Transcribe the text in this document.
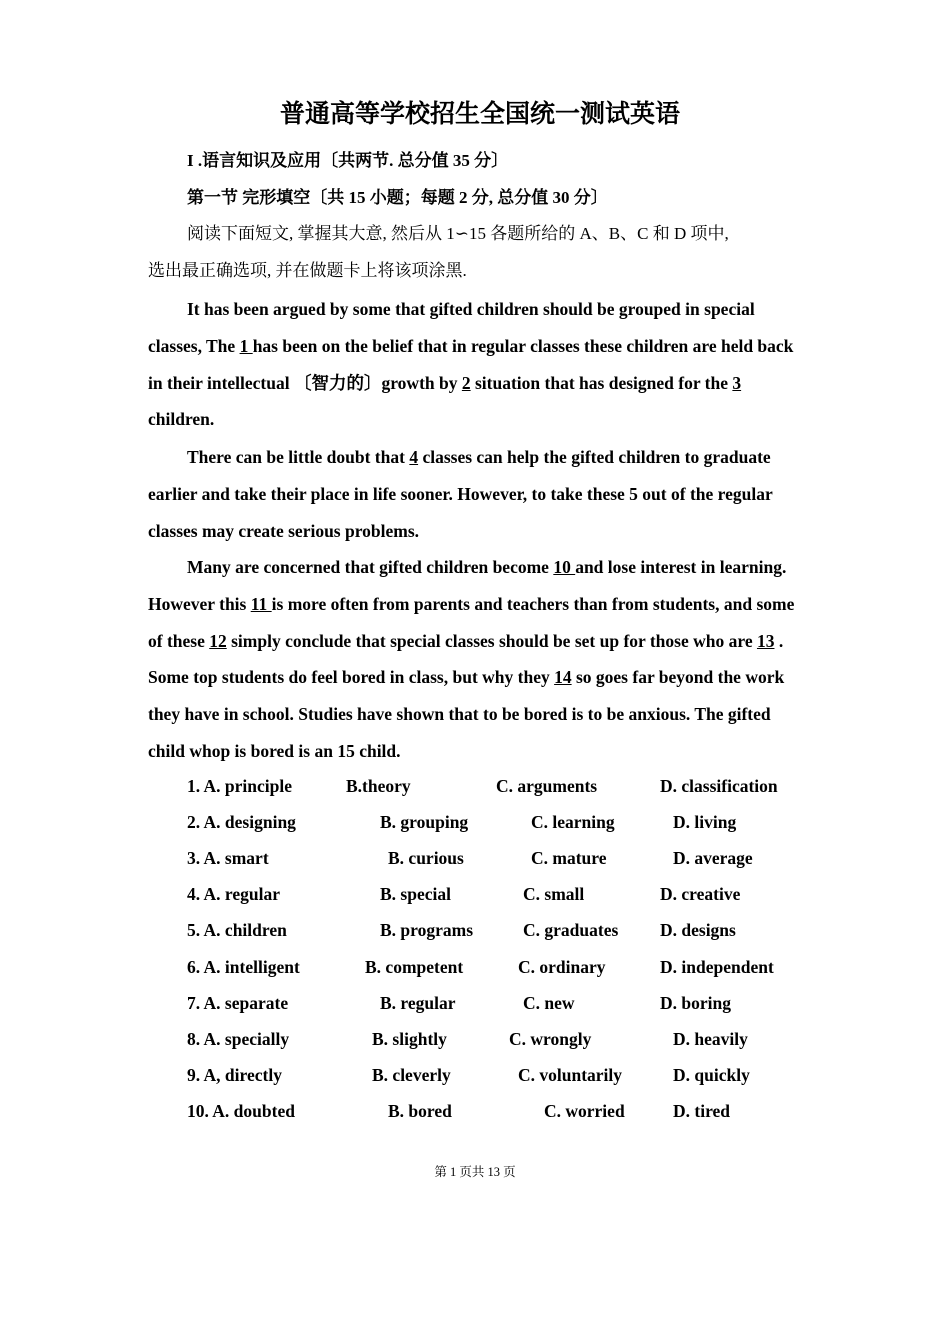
普通高等学校招生全国统一测试英语
I .语言知识及应用〔共两节. 总分值 35 分〕
第一节 完形填空〔共 15 小题；每题 2 分, 总分值 30 分〕
阅读下面短文, 掌握其大意, 然后从 1∽15 各题所给的 A、B、C 和 D 项中,
选出最正确选项, 并在做题卡上将该项涂黑.
It has been argued by some that gifted children should be grouped in special classes, The 1 has been on the belief that in regular classes these children are held back in their intellectual 〔智力的〕growth by 2 situation that has designed for the 3 children.
There can be little doubt that 4 classes can help the gifted children to graduate earlier and take their place in life sooner. However, to take these 5 out of the regular classes may create serious problems.
Many are concerned that gifted children become 10 and lose interest in learning. However this 11 is more often from parents and teachers than from students, and some of these 12 simply conclude that special classes should be set up for those who are 13 . Some top students do feel bored in class, but why they 14 so goes far beyond the work they have in school. Studies have shown that to be bored is to be anxious. The gifted child whop is bored is an 15 child.
1. A. principle	B.theory	C. arguments	D. classification
2. A. designing	B. grouping	C. learning	D. living
3. A. smart	B. curious	C. mature	D. average
4. A. regular	B. special	C. small	D. creative
5. A. children	B. programs	C. graduates D. designs
6. A. intelligent	B. competent	C. ordinary	D. independent
7. A. separate	B. regular	C. new	D. boring
8. A. specially	B. slightly	C. wrongly	D. heavily
9. A, directly	B. cleverly	C. voluntarily	D. quickly
10. A. doubted	B. bored	C. worried	D. tired
第 1 页共 13 页
